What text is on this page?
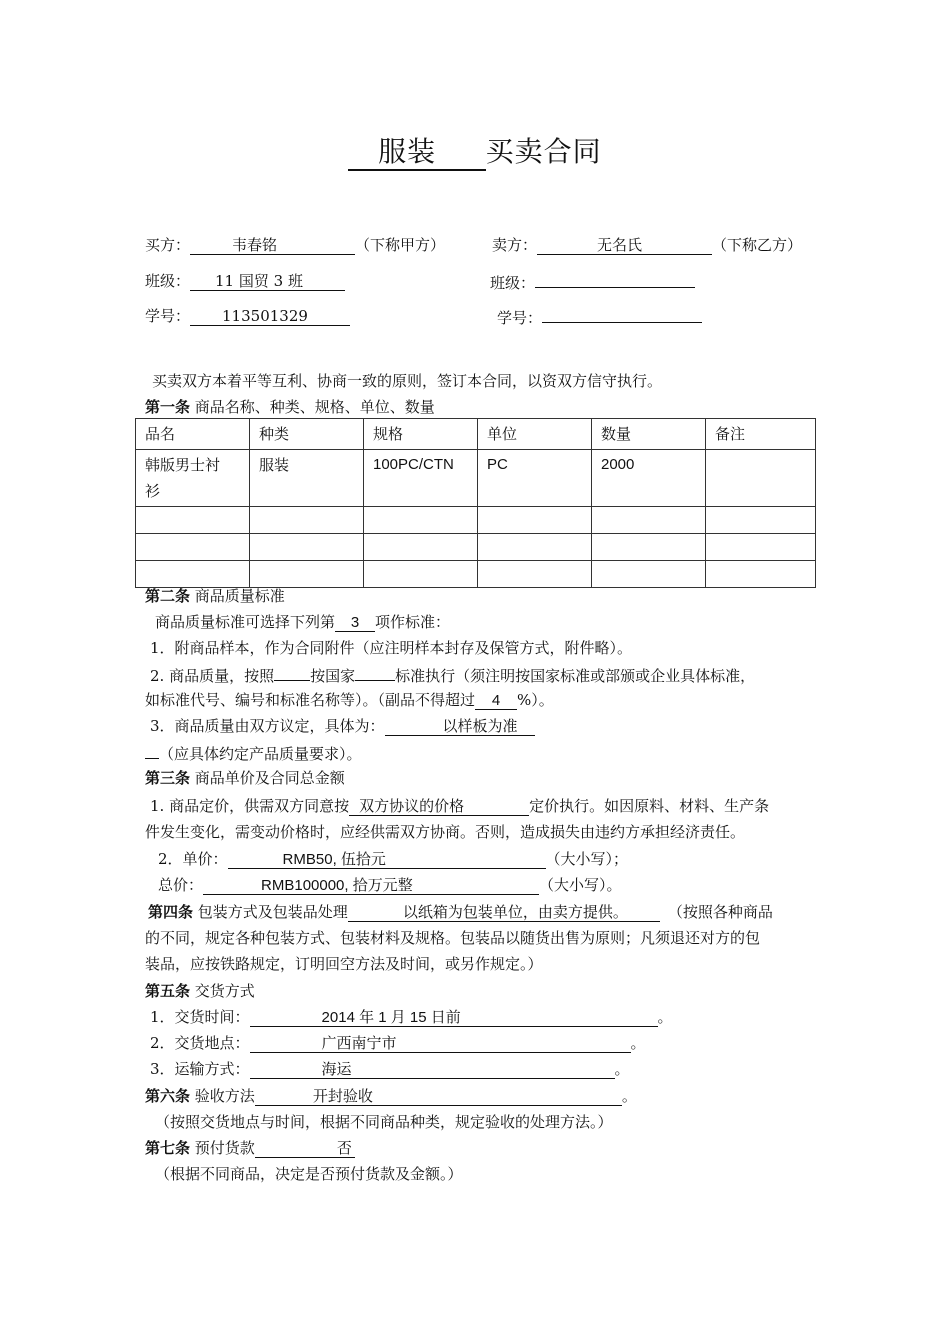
服装 买卖合同
买方：	韦春铭	（下称甲方）	卖方：	无名氏	（下称乙方）
班级： 11 国贸 3 班	班级：
学号： 113501329	学号：
买卖双方本着平等互利、协商一致的原则，签订本合同，以资双方信守执行。
第一条 商品名称、种类、规格、单位、数量
品名	种类	规格	单位	数量	备注

韩版男士衬衫	服装	100PC/CTN	PC	2000	

第二条 商品质量标准
商品质量标准可选择下列第 3 项作标准：
1．附商品样本，作为合同附件（应注明样本封存及保管方式，附件略）。
2. 商品质量，按照 按国家	标准执行（须注明按国家标准或部颁或企业具体标准，
如标准代号、编号和标准名称等）。（副品不得超过 4 %）。
3．商品质量由双方议定，具体为：	以样板为准
（应具体约定产品质量要求）。
第三条 商品单价及合同总金额
1. 商品定价，供需双方同意按 双方协议的价格	定价执行。如因原料、材料、生产条
件发生变化，需变动价格时，应经供需双方协商。否则，造成损失由违约方承担经济责任。
2．单价：	RMB50, 伍拾元	（大小写）；
总价：	RMB100000, 拾万元整	（大小写）。
第四条 包装方式及包装品处理	以纸箱为包装单位，由卖方提供。	（按照各种商品
的不同，规定各种包装方式、包装材料及规格。包装品以随货出售为原则；凡须退还对方的包
装品，应按铁路规定，订明回空方法及时间，或另作规定。）
第五条 交货方式
1．交货时间：	2014 年 1 月 15 日前	。
2．交货地点：	广西南宁市	。
3．运输方式：	海运	。
第六条 验收方法	开封验收	。
（按照交货地点与时间，根据不同商品种类，规定验收的处理方法。）
第七条 预付货款	否
（根据不同商品，决定是否预付货款及金额。）
